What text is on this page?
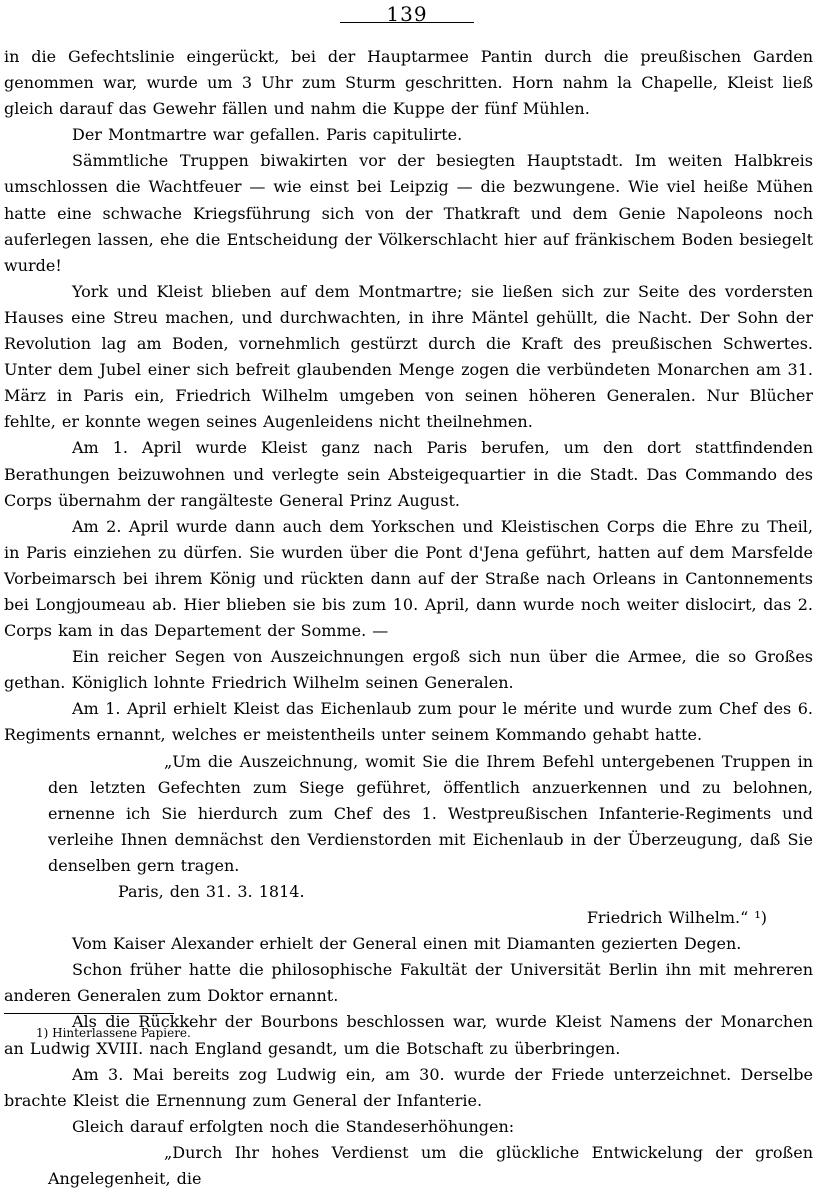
139

in die Gefechtslinie eingerückt, bei der Hauptarmee Pantin durch die preußischen Garden genommen war, wurde um 3 Uhr zum Sturm geschritten. Horn nahm la Chapelle, Kleist ließ gleich darauf das Gewehr fällen und nahm die Kuppe der fünf Mühlen.

Der Montmartre war gefallen. Paris capitulirte.

Sämmtliche Truppen biwakirten vor der besiegten Hauptstadt. Im weiten Halbkreis umschlossen die Wachtfeuer — wie einst bei Leipzig — die bezwungene. Wie viel heiße Mühen hatte eine schwache Kriegsführung sich von der Thatkraft und dem Genie Napoleons noch auferlegen lassen, ehe die Entscheidung der Völkerschlacht hier auf fränkischem Boden besiegelt wurde!

York und Kleist blieben auf dem Montmartre; sie ließen sich zur Seite des vordersten Hauses eine Streu machen, und durchwachten, in ihre Mäntel gehüllt, die Nacht. Der Sohn der Revolution lag am Boden, vornehmlich gestürzt durch die Kraft des preußischen Schwertes. Unter dem Jubel einer sich befreit glaubenden Menge zogen die verbündeten Monarchen am 31. März in Paris ein, Friedrich Wilhelm umgeben von seinen höheren Generalen. Nur Blücher fehlte, er konnte wegen seines Augenleidens nicht theilnehmen.

Am 1. April wurde Kleist ganz nach Paris berufen, um den dort stattfindenden Berathungen beizuwohnen und verlegte sein Absteigequartier in die Stadt. Das Commando des Corps übernahm der rangälteste General Prinz August.

Am 2. April wurde dann auch dem Yorkschen und Kleistischen Corps die Ehre zu Theil, in Paris einziehen zu dürfen. Sie wurden über die Pont d'Jena geführt, hatten auf dem Marsfelde Vorbeimarsch bei ihrem König und rückten dann auf der Straße nach Orleans in Cantonnements bei Longjoumeau ab. Hier blieben sie bis zum 10. April, dann wurde noch weiter dislocirt, das 2. Corps kam in das Departement der Somme. —

Ein reicher Segen von Auszeichnungen ergoß sich nun über die Armee, die so Großes gethan. Königlich lohnte Friedrich Wilhelm seinen Generalen.

Am 1. April erhielt Kleist das Eichenlaub zum pour le mérite und wurde zum Chef des 6. Regiments ernannt, welches er meistentheils unter seinem Kommando gehabt hatte.

„Um die Auszeichnung, womit Sie die Ihrem Befehl untergebenen Truppen in den letzten Gefechten zum Siege geführet, öffentlich anzuerkennen und zu belohnen, ernenne ich Sie hierdurch zum Chef des 1. Westpreußischen Infanterie-Regiments und verleihe Ihnen demnächst den Verdienstorden mit Eichenlaub in der Überzeugung, daß Sie denselben gern tragen.

Paris, den 31. 3. 1814.

Friedrich Wilhelm.“ ¹)

Vom Kaiser Alexander erhielt der General einen mit Diamanten gezierten Degen.

Schon früher hatte die philosophische Fakultät der Universität Berlin ihn mit mehreren anderen Generalen zum Doktor ernannt.

Als die Rückkehr der Bourbons beschlossen war, wurde Kleist Namens der Monarchen an Ludwig XVIII. nach England gesandt, um die Botschaft zu überbringen.

Am 3. Mai bereits zog Ludwig ein, am 30. wurde der Friede unterzeichnet. Derselbe brachte Kleist die Ernennung zum General der Infanterie.

Gleich darauf erfolgten noch die Standeserhöhungen:

„Durch Ihr hohes Verdienst um die glückliche Entwickelung der großen Angelegenheit, die

1) Hinterlassene Papiere.
